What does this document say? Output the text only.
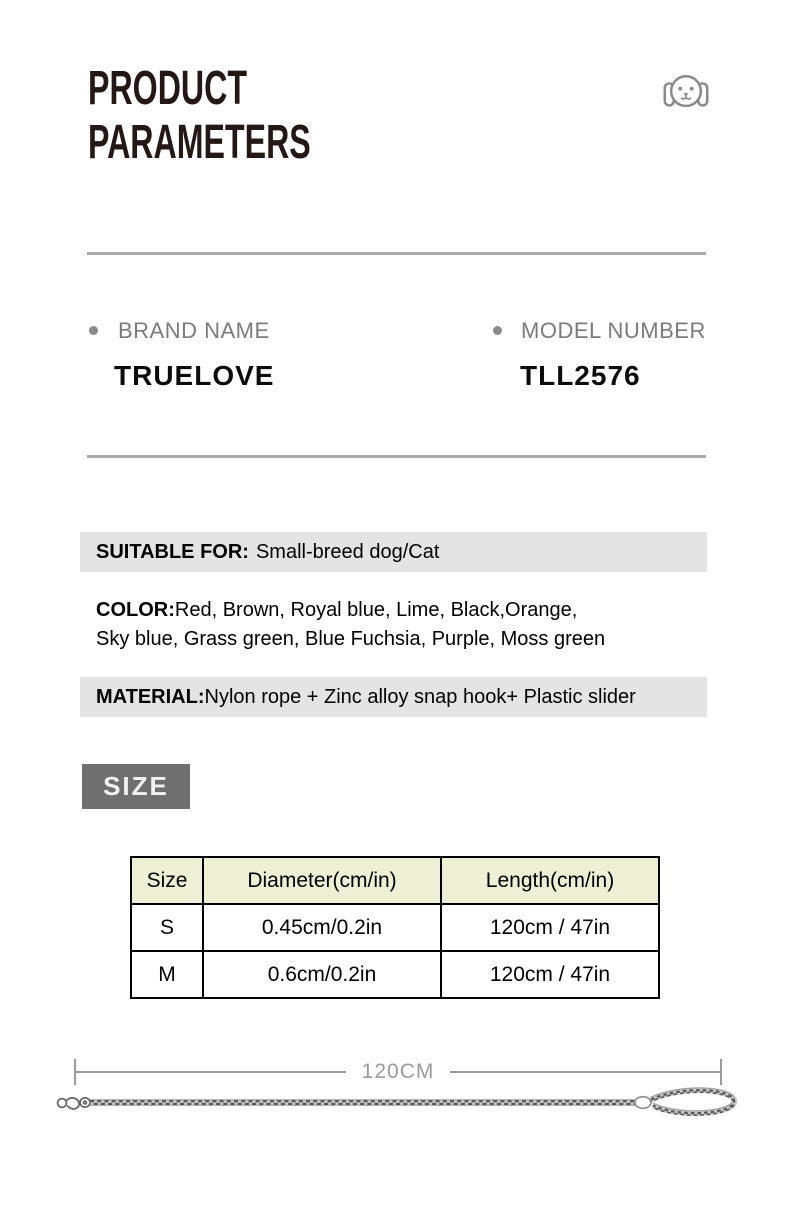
PRODUCT
PARAMETERS
BRAND NAME
TRUELOVE
MODEL NUMBER
TLL2576
SUITABLE FOR: Small-breed dog/Cat
COLOR:Red, Brown, Royal blue, Lime, Black,Orange,
Sky blue, Grass green, Blue Fuchsia, Purple, Moss green
MATERIAL: Nylon rope + Zinc alloy snap hook+ Plastic slider
SIZE
Size	Diameter(cm/in)	Length(cm/in)
S	0.45cm/0.2in	120cm / 47in
M	0.6cm/0.2in	120cm / 47in
120CM
